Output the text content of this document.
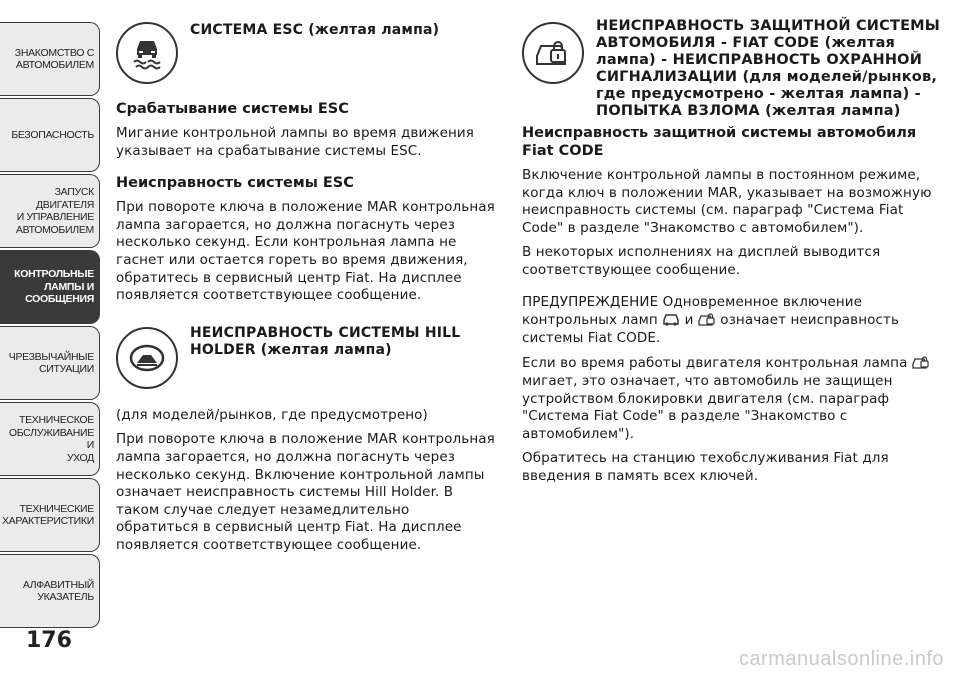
ЗНАКОМСТВО С
АВТОМОБИЛЕМ
БЕЗОПАСНОСТЬ
ЗАПУСК ДВИГАТЕЛЯ
И УПРАВЛЕНИЕ
АВТОМОБИЛЕМ
КОНТРОЛЬНЫЕ
ЛАМПЫ И
СООБЩЕНИЯ
ЧРЕЗВЫЧАЙНЫЕ
СИТУАЦИИ
ТЕХНИЧЕСКОЕ
ОБСЛУЖИВАНИЕ И
УХОД
ТЕХНИЧЕСКИЕ
ХАРАКТЕРИСТИКИ
АЛФАВИТНЫЙ
УКАЗАТЕЛЬ
176
СИСТЕМА ESC (желтая лампа)
Срабатывание системы ESC

Мигание контрольной лампы во время движения указывает на срабатывание системы ESC.

Неисправность системы ESC

При повороте ключа в положение MAR контрольная лампа загорается, но должна погаснуть через несколько секунд. Если контрольная лампа не гаснет или остается гореть во время движения, обратитесь в сервисный центр Fiat. На дисплее появляется соответствующее сообщение.

НЕИСПРАВНОСТЬ СИСТЕМЫ HILL HOLDER (желтая лампа)

(для моделей/рынков, где предусмотрено)

При повороте ключа в положение MAR контрольная лампа загорается, но должна погаснуть через несколько секунд. Включение контрольной лампы означает неисправность системы Hill Holder. В таком случае следует незамедлительно обратиться в сервисный центр Fiat. На дисплее появляется соответствующее сообщение.

НЕИСПРАВНОСТЬ ЗАЩИТНОЙ СИСТЕМЫ АВТОМОБИЛЯ - FIAT CODE (желтая лампа) - НЕИСПРАВНОСТЬ ОХРАННОЙ СИГНАЛИЗАЦИИ (для моделей/рынков, где предусмотрено - желтая лампа) - ПОПЫТКА ВЗЛОМА (желтая лампа)
Неисправность защитной системы автомобиля Fiat CODE

Включение контрольной лампы в постоянном режиме, когда ключ в положении MAR, указывает на возможную неисправность системы (см. параграф "Система Fiat Code" в разделе "Знакомство с автомобилем").

В некоторых исполнениях на дисплей выводится соответствующее сообщение.

ПРЕДУПРЕЖДЕНИЕ Одновременное включение контрольных ламп и означает неисправность системы Fiat CODE.

Если во время работы двигателя контрольная лампа  мигает, это означает, что автомобиль не защищен устройством блокировки двигателя (см. параграф "Система Fiat Code" в разделе "Знакомство с автомобилем").

Обратитесь на станцию техобслуживания Fiat для введения в память всех ключей.

carmanualsonline.info
